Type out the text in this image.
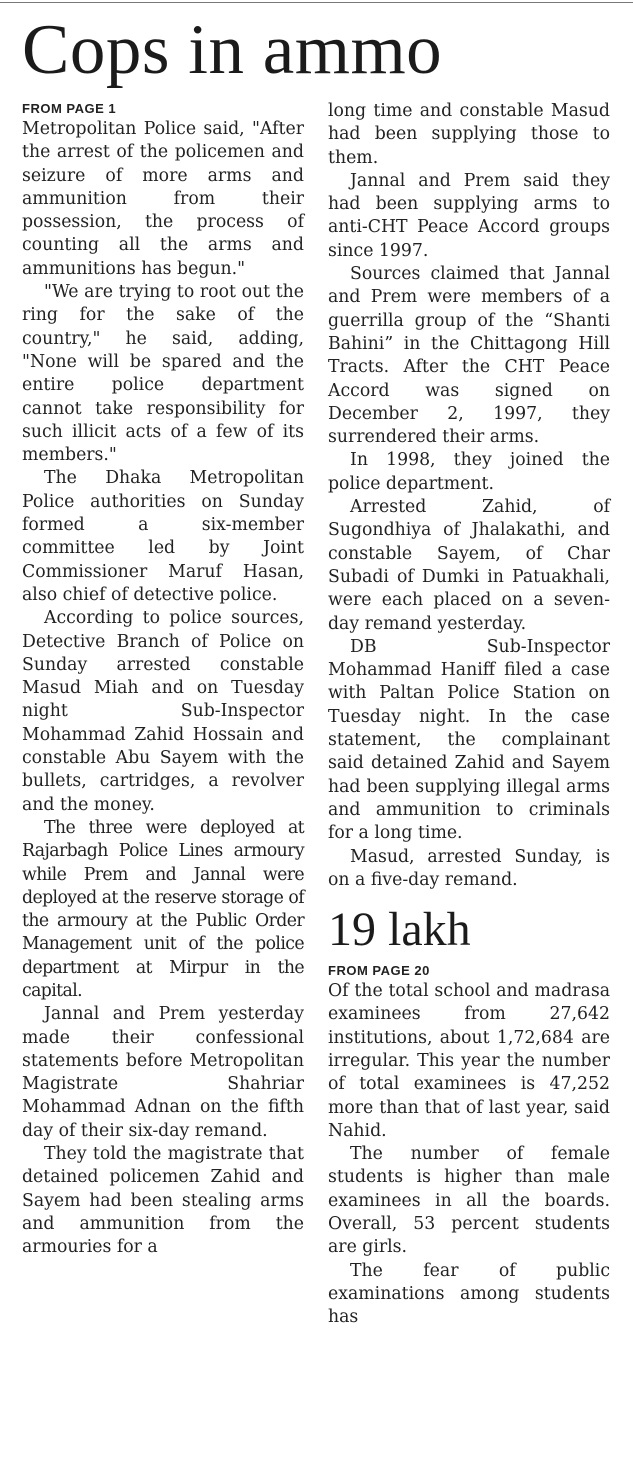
Cops in ammo
FROM PAGE 1

Metropolitan Police said, "After the arrest of the policemen and seizure of more arms and ammunition from their possession, the process of counting all the arms and ammunitions has begun."

"We are trying to root out the ring for the sake of the country," he said, adding, "None will be spared and the entire police department cannot take responsibility for such illicit acts of a few of its members."

The Dhaka Metropolitan Police authorities on Sunday formed a six-member committee led by Joint Commissioner Maruf Hasan, also chief of detective police.

According to police sources, Detective Branch of Police on Sunday arrested constable Masud Miah and on Tuesday night Sub-Inspector Mohammad Zahid Hossain and constable Abu Sayem with the bullets, cartridges, a revolver and the money.

The three were deployed at Rajarbagh Police Lines armoury while Prem and Jannal were deployed at the reserve storage of the armoury at the Public Order Management unit of the police department at Mirpur in the capital.

Jannal and Prem yesterday made their confessional statements before Metropolitan Magistrate Shahriar Mohammad Adnan on the fifth day of their six-day remand.

They told the magistrate that detained policemen Zahid and Sayem had been stealing arms and ammunition from the armouries for a

long time and constable Masud had been supplying those to them.

Jannal and Prem said they had been supplying arms to anti-CHT Peace Accord groups since 1997.

Sources claimed that Jannal and Prem were members of a guerrilla group of the “Shanti Bahini” in the Chittagong Hill Tracts. After the CHT Peace Accord was signed on December 2, 1997, they surrendered their arms.

In 1998, they joined the police department.

Arrested Zahid, of Sugondhiya of Jhalakathi, and constable Sayem, of Char Subadi of Dumki in Patuakhali, were each placed on a seven-day remand yesterday.

DB Sub-Inspector Mohammad Haniff filed a case with Paltan Police Station on Tuesday night. In the case statement, the complainant said detained Zahid and Sayem had been supplying illegal arms and ammunition to criminals for a long time.

Masud, arrested Sunday, is on a five-day remand.

19 lakh
FROM PAGE 20

Of the total school and madrasa examinees from 27,642 institutions, about 1,72,684 are irregular. This year the number of total examinees is 47,252 more than that of last year, said Nahid.

The number of female students is higher than male examinees in all the boards. Overall, 53 percent students are girls.

The fear of public examinations among students has
